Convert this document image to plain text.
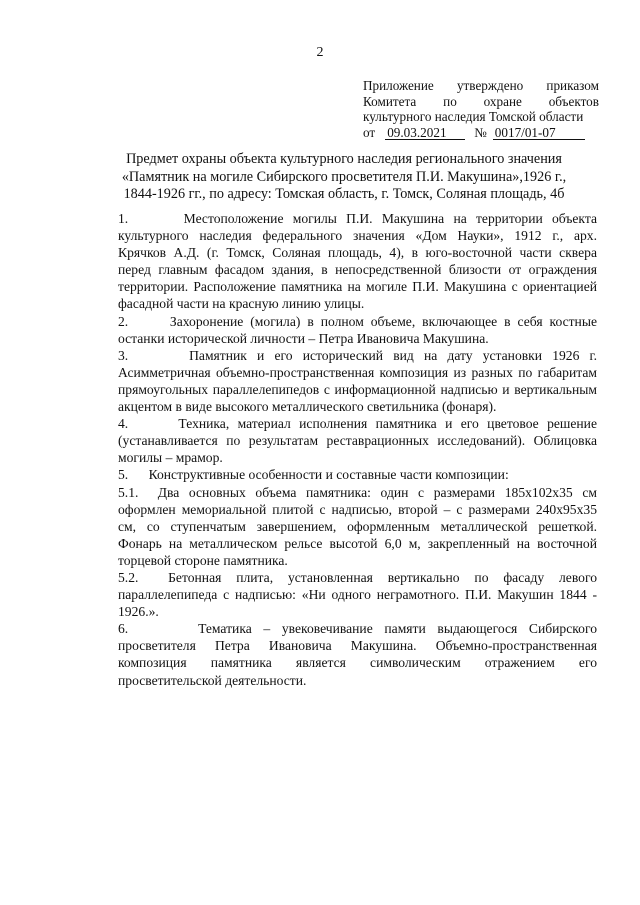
2
Приложение утверждено приказом
Комитета по охране объектов
культурного наследия Томской области
от 09.03.2021	№ 0017/01-07
Предмет охраны объекта культурного наследия регионального значения
«Памятник на могиле Сибирского просветителя П.И. Макушина»,1926 г.,
1844-1926 гг., по адресу: Томская область, г. Томск, Соляная площадь, 4б
1.      Местоположение могилы П.И. Макушина на территории объекта
культурного наследия федерального значения «Дом Науки», 1912 г., арх.
Крячков А.Д. (г. Томск, Соляная площадь, 4), в юго-восточной части сквера
перед главным фасадом здания, в непосредственной близости от ограждения
территории. Расположение памятника на могиле П.И. Макушина с ориентацией
фасадной части на красную линию улицы.
2.      Захоронение (могила) в полном объеме, включающее в себя костные
останки исторической личности – Петра Ивановича Макушина.
3.      Памятник и его исторический вид на дату установки 1926 г.
Асимметричная объемно-пространственная композиция из разных по габаритам
прямоугольных параллелепипедов с информационной надписью и вертикальным
акцентом в виде высокого металлического светильника (фонаря).
4.      Техника, материал исполнения памятника и его цветовое решение
(устанавливается по результатам реставрационных исследований). Облицовка
могилы – мрамор.
5.      Конструктивные особенности и составные части композиции:
5.1.  Два основных объема памятника: один с размерами 185х102х35 см
оформлен мемориальной плитой с надписью, второй – с размерами 240х95х35
см, со ступенчатым завершением, оформленным металлической решеткой.
Фонарь на металлическом рельсе высотой 6,0 м, закрепленный на восточной
торцевой стороне памятника.
5.2.  Бетонная плита, установленная вертикально по фасаду левого
параллелепипеда с надписью: «Ни одного неграмотного. П.И. Макушин 1844 -
1926.».
6.      Тематика – увековечивание памяти выдающегося Сибирского
просветителя Петра Ивановича Макушина. Объемно-пространственная
композиция памятника является символическим отражением его
просветительской деятельности.
